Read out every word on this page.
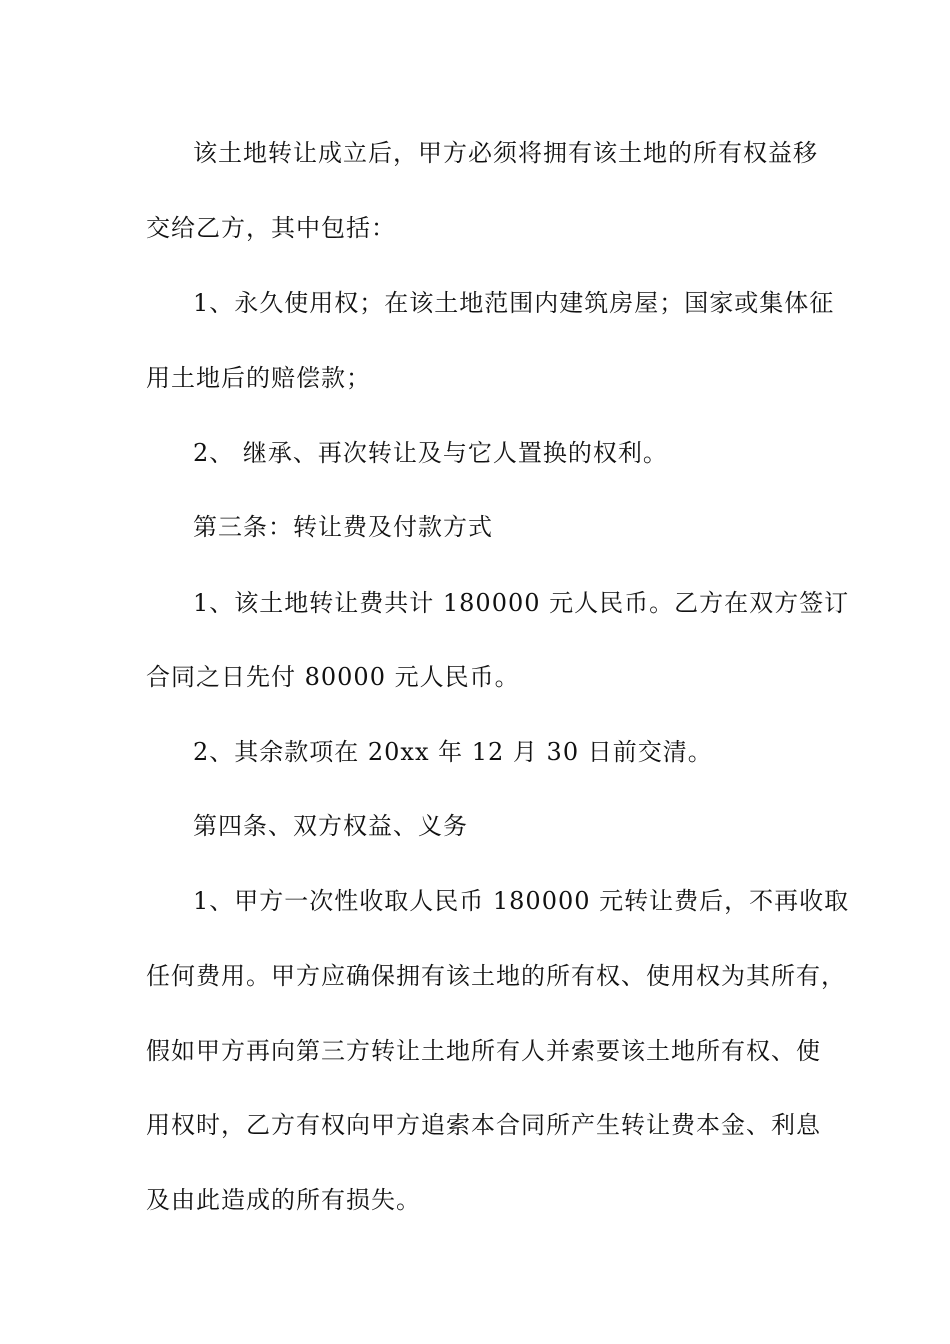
该土地转让成立后，甲方必须将拥有该土地的所有权益移
交给乙方，其中包括：
1、永久使用权；在该土地范围内建筑房屋；国家或集体征
用土地后的赔偿款；
2、 继承、再次转让及与它人置换的权利。
第三条：转让费及付款方式
1、该土地转让费共计 180000 元人民币。乙方在双方签订
合同之日先付 80000 元人民币。
2、其余款项在 20xx 年 12 月 30 日前交清。
第四条、双方权益、义务
1、甲方一次性收取人民币 180000 元转让费后，不再收取
任何费用。甲方应确保拥有该土地的所有权、使用权为其所有，
假如甲方再向第三方转让土地所有人并索要该土地所有权、使
用权时，乙方有权向甲方追索本合同所产生转让费本金、利息
及由此造成的所有损失。
